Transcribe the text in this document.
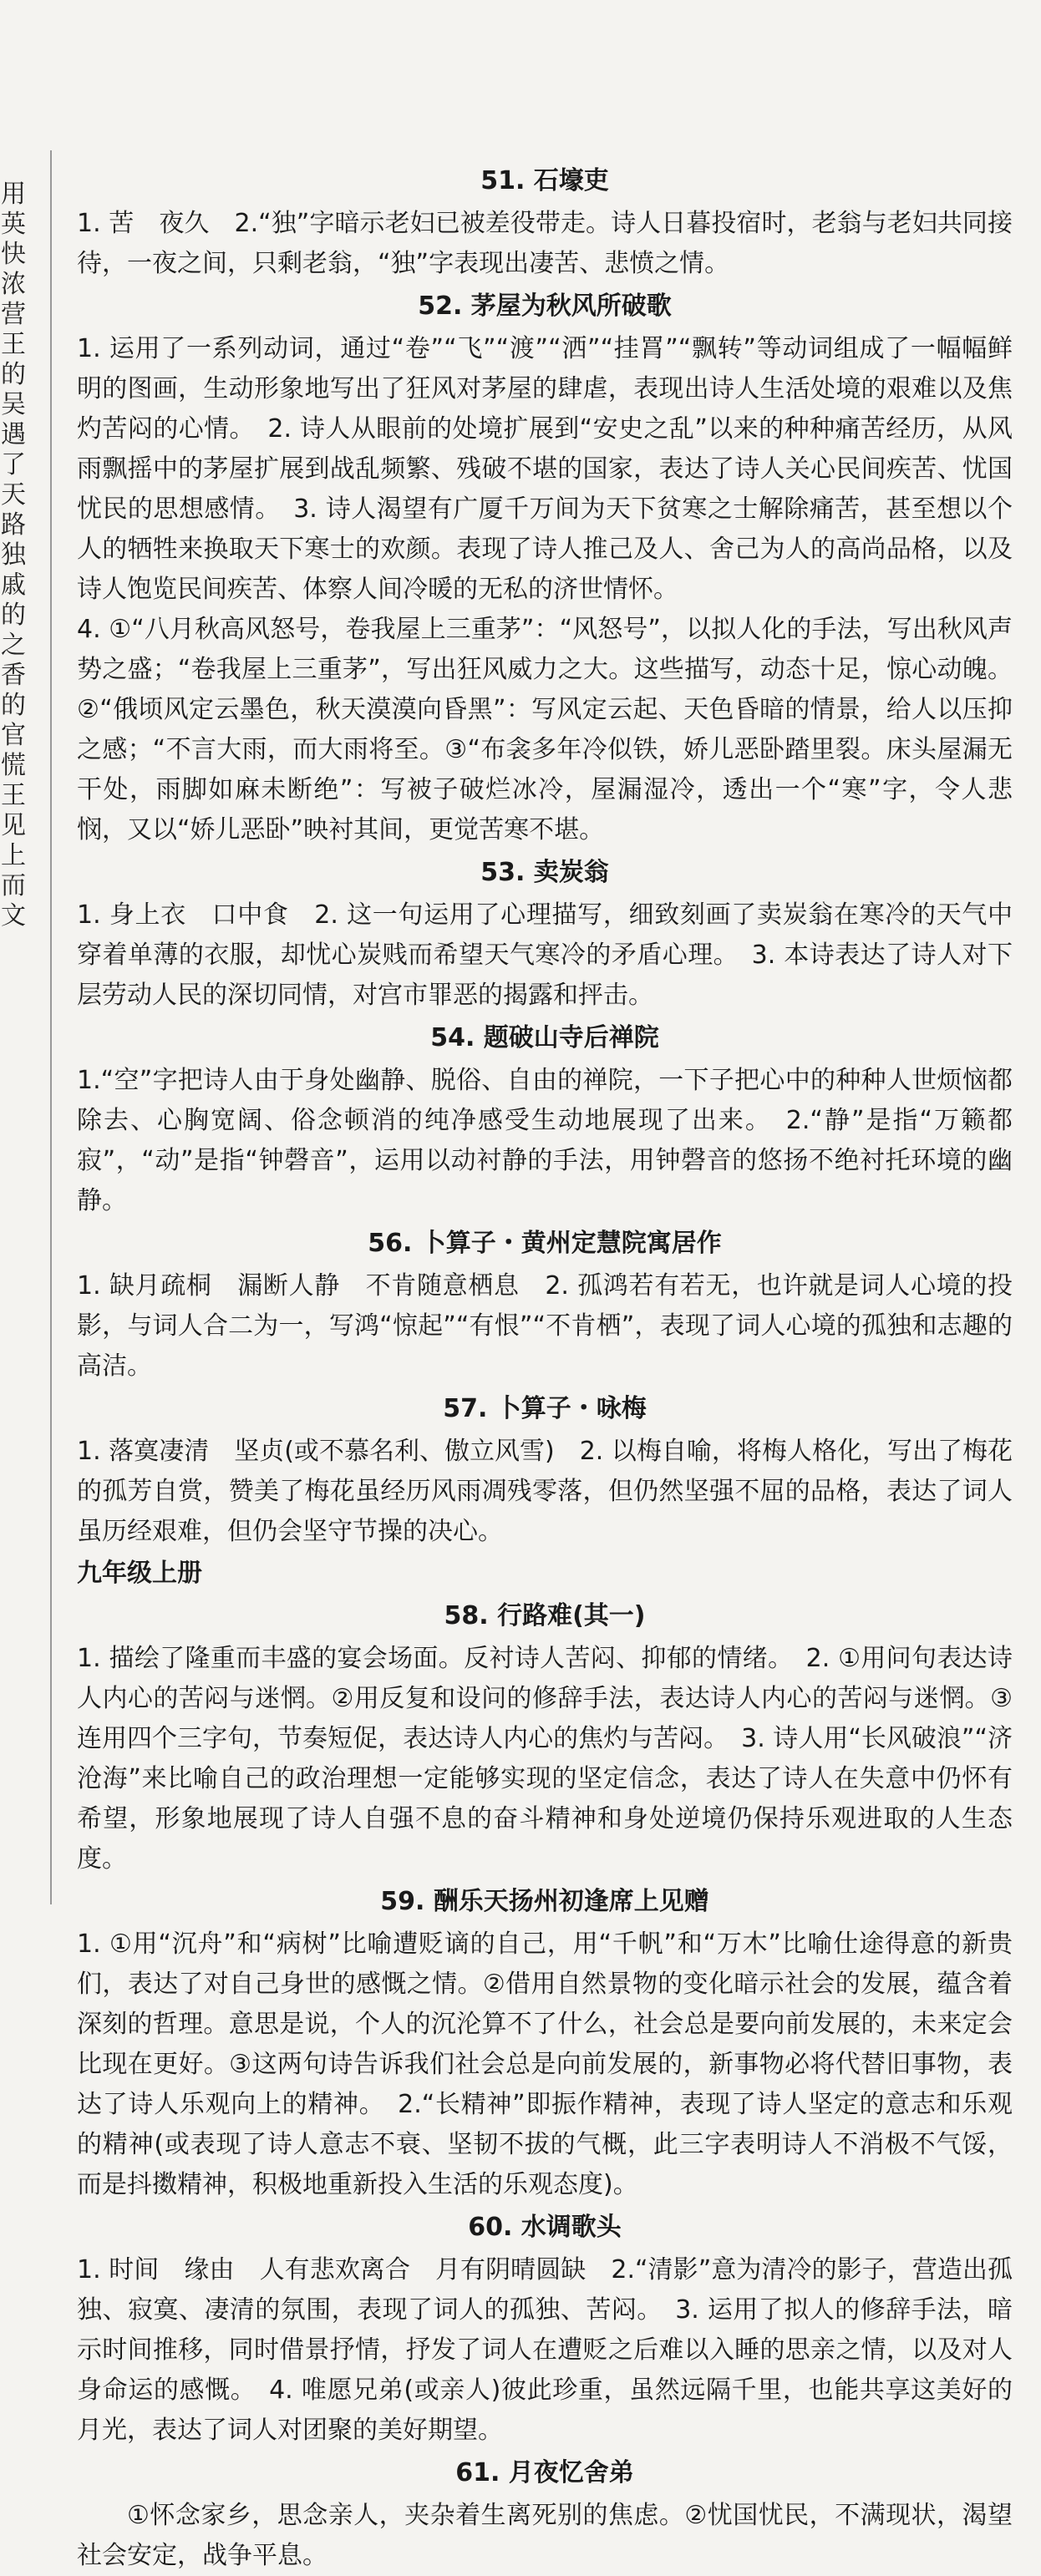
用
英
快
浓
营
王
的
吴
遇
了
天
路
独
戚
的
之
香
的
官
慌
王
见
上
而
文
51. 石壕吏

1. 苦　夜久　2.“独”字暗示老妇已被差役带走。诗人日暮投宿时，老翁与老妇共同接待，一夜之间，只剩老翁，“独”字表现出凄苦、悲愤之情。

52. 茅屋为秋风所破歌

1. 运用了一系列动词，通过“卷”“飞”“渡”“洒”“挂罥”“飘转”等动词组成了一幅幅鲜明的图画，生动形象地写出了狂风对茅屋的肆虐，表现出诗人生活处境的艰难以及焦灼苦闷的心情。　2. 诗人从眼前的处境扩展到“安史之乱”以来的种种痛苦经历，从风雨飘摇中的茅屋扩展到战乱频繁、残破不堪的国家，表达了诗人关心民间疾苦、忧国忧民的思想感情。　3. 诗人渴望有广厦千万间为天下贫寒之士解除痛苦，甚至想以个人的牺牲来换取天下寒士的欢颜。表现了诗人推己及人、舍己为人的高尚品格，以及诗人饱览民间疾苦、体察人间冷暖的无私的济世情怀。

4. ①“八月秋高风怒号，卷我屋上三重茅”：“风怒号”，以拟人化的手法，写出秋风声势之盛；“卷我屋上三重茅”，写出狂风威力之大。这些描写，动态十足，惊心动魄。②“俄顷风定云墨色，秋天漠漠向昏黑”：写风定云起、天色昏暗的情景，给人以压抑之感；“不言大雨，而大雨将至。③“布衾多年冷似铁，娇儿恶卧踏里裂。床头屋漏无干处，雨脚如麻未断绝”：写被子破烂冰冷，屋漏湿冷，透出一个“寒”字，令人悲悯，又以“娇儿恶卧”映衬其间，更觉苦寒不堪。

53. 卖炭翁

1. 身上衣　口中食　2. 这一句运用了心理描写，细致刻画了卖炭翁在寒冷的天气中穿着单薄的衣服，却忧心炭贱而希望天气寒冷的矛盾心理。　3. 本诗表达了诗人对下层劳动人民的深切同情，对宫市罪恶的揭露和抨击。

54. 题破山寺后禅院

1.“空”字把诗人由于身处幽静、脱俗、自由的禅院，一下子把心中的种种人世烦恼都除去、心胸宽阔、俗念顿消的纯净感受生动地展现了出来。　2.“静”是指“万籁都寂”，“动”是指“钟磬音”，运用以动衬静的手法，用钟磬音的悠扬不绝衬托环境的幽静。

56. 卜算子・黄州定慧院寓居作

1. 缺月疏桐　漏断人静　不肯随意栖息　2. 孤鸿若有若无，也许就是词人心境的投影，与词人合二为一，写鸿“惊起”“有恨”“不肯栖”，表现了词人心境的孤独和志趣的高洁。

57. 卜算子・咏梅

1. 落寞凄清　坚贞(或不慕名利、傲立风雪)　2. 以梅自喻，将梅人格化，写出了梅花的孤芳自赏，赞美了梅花虽经历风雨凋残零落，但仍然坚强不屈的品格，表达了词人虽历经艰难，但仍会坚守节操的决心。

九年级上册
58. 行路难(其一)

1. 描绘了隆重而丰盛的宴会场面。反衬诗人苦闷、抑郁的情绪。　2. ①用问句表达诗人内心的苦闷与迷惘。②用反复和设问的修辞手法，表达诗人内心的苦闷与迷惘。③连用四个三字句，节奏短促，表达诗人内心的焦灼与苦闷。　3. 诗人用“长风破浪”“济沧海”来比喻自己的政治理想一定能够实现的坚定信念，表达了诗人在失意中仍怀有希望，形象地展现了诗人自强不息的奋斗精神和身处逆境仍保持乐观进取的人生态度。

59. 酬乐天扬州初逢席上见赠

1. ①用“沉舟”和“病树”比喻遭贬谪的自己，用“千帆”和“万木”比喻仕途得意的新贵们，表达了对自己身世的感慨之情。②借用自然景物的变化暗示社会的发展，蕴含着深刻的哲理。意思是说，个人的沉沦算不了什么，社会总是要向前发展的，未来定会比现在更好。③这两句诗告诉我们社会总是向前发展的，新事物必将代替旧事物，表达了诗人乐观向上的精神。　2.“长精神”即振作精神，表现了诗人坚定的意志和乐观的精神(或表现了诗人意志不衰、坚韧不拔的气概，此三字表明诗人不消极不气馁，而是抖擞精神，积极地重新投入生活的乐观态度)。

60. 水调歌头

1. 时间　缘由　人有悲欢离合　月有阴晴圆缺　2.“清影”意为清冷的影子，营造出孤独、寂寞、凄清的氛围，表现了词人的孤独、苦闷。　3. 运用了拟人的修辞手法，暗示时间推移，同时借景抒情，抒发了词人在遭贬之后难以入睡的思亲之情，以及对人身命运的感慨。　4. 唯愿兄弟(或亲人)彼此珍重，虽然远隔千里，也能共享这美好的月光，表达了词人对团聚的美好期望。

61. 月夜忆舍弟

①怀念家乡，思念亲人，夹杂着生离死别的焦虑。②忧国忧民，不满现状，渴望社会安定，战争平息。
